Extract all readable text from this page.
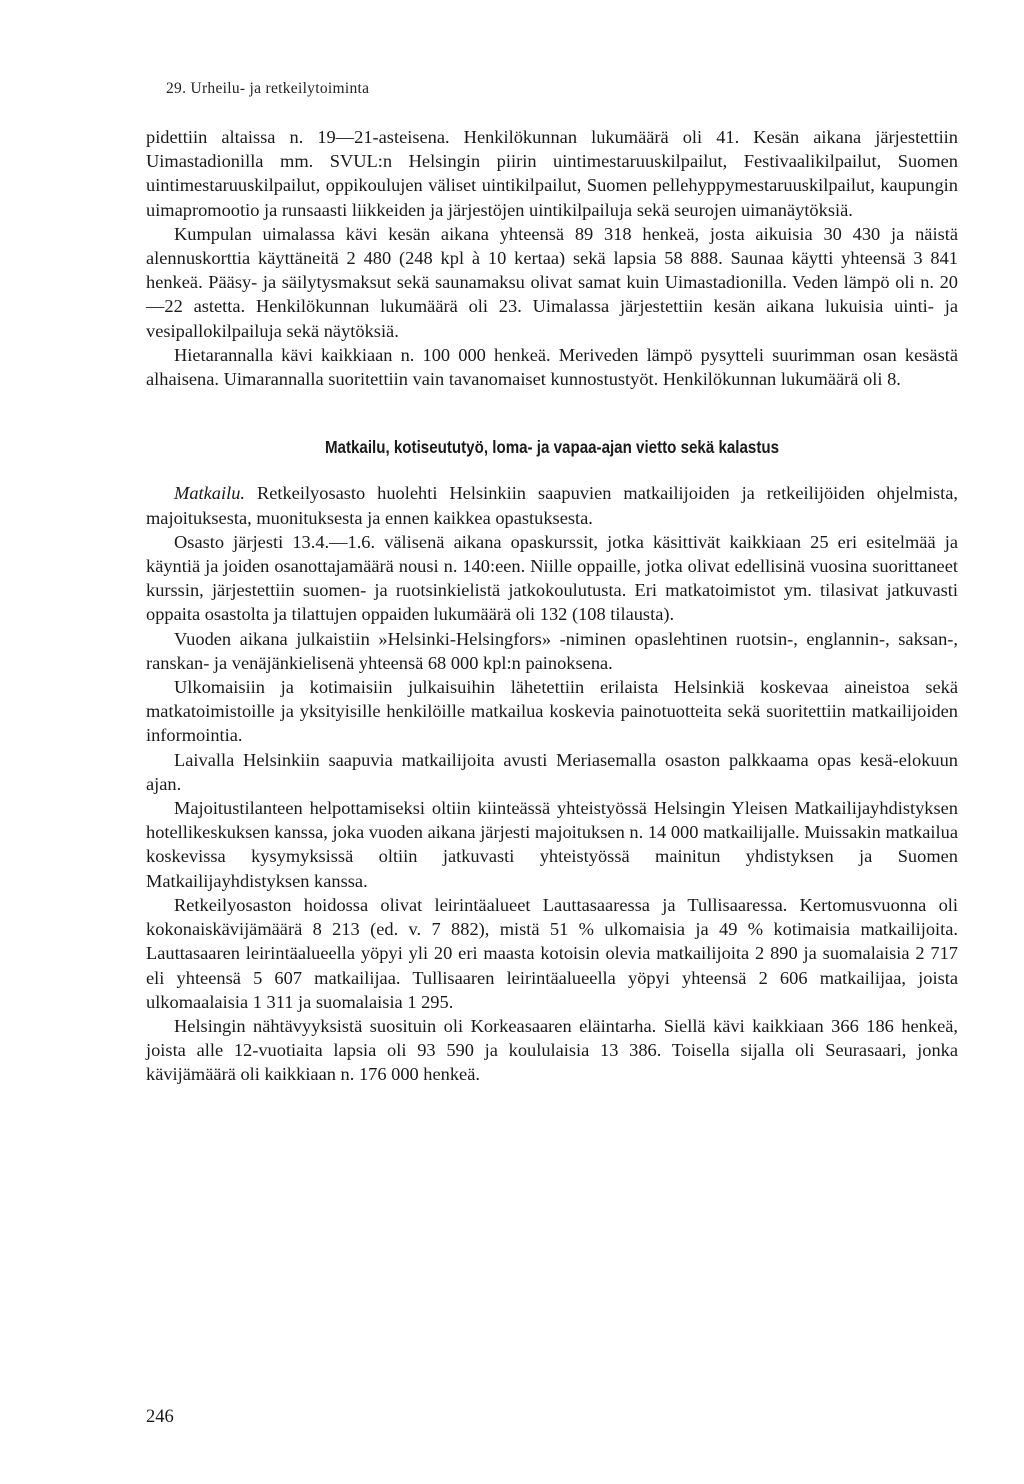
29. Urheilu- ja retkeilytoiminta

pidettiin altaissa n. 19—21-asteisena. Henkilökunnan lukumäärä oli 41. Kesän aikana järjestettiin Uimastadionilla mm. SVUL:n Helsingin piirin uintimestaruuskilpailut, Festivaalikilpailut, Suomen uintimestaruuskilpailut, oppikoulujen väliset uintikilpailut, Suomen pellehyppymestaruuskilpailut, kaupungin uimapromootio ja runsaasti liikkeiden ja järjestöjen uintikilpailuja sekä seurojen uimanäytöksiä.

Kumpulan uimalassa kävi kesän aikana yhteensä 89 318 henkeä, josta aikuisia 30 430 ja näistä alennuskorttia käyttäneitä 2 480 (248 kpl à 10 kertaa) sekä lapsia 58 888. Saunaa käytti yhteensä 3 841 henkeä. Pääsy- ja säilytysmaksut sekä saunamaksu olivat samat kuin Uimastadionilla. Veden lämpö oli n. 20—22 astetta. Henkilökunnan lukumäärä oli 23. Uimalassa järjestettiin kesän aikana lukuisia uinti- ja vesipallokilpailuja sekä näytöksiä.

Hietarannalla kävi kaikkiaan n. 100 000 henkeä. Meriveden lämpö pysytteli suurimman osan kesästä alhaisena. Uimarannalla suoritettiin vain tavanomaiset kunnostustyöt. Henkilökunnan lukumäärä oli 8.

Matkailu, kotiseututyö, loma- ja vapaa-ajan vietto sekä kalastus

Matkailu. Retkeilyosasto huolehti Helsinkiin saapuvien matkailijoiden ja retkeilijöiden ohjelmista, majoituksesta, muonituksesta ja ennen kaikkea opastuksesta.

Osasto järjesti 13.4.—1.6. välisenä aikana opaskurssit, jotka käsittivät kaikkiaan 25 eri esitelmää ja käyntiä ja joiden osanottajamäärä nousi n. 140:een. Niille oppaille, jotka olivat edellisinä vuosina suorittaneet kurssin, järjestettiin suomen- ja ruotsinkielistä jatkokoulutusta. Eri matkatoimistot ym. tilasivat jatkuvasti oppaita osastolta ja tilattujen oppaiden lukumäärä oli 132 (108 tilausta).

Vuoden aikana julkaistiin »Helsinki-Helsingfors» -niminen opaslehtinen ruotsin-, englannin-, saksan-, ranskan- ja venäjänkielisenä yhteensä 68 000 kpl:n painoksena.

Ulkomaisiin ja kotimaisiin julkaisuihin lähetettiin erilaista Helsinkiä koskevaa aineistoa sekä matkatoimistoille ja yksityisille henkilöille matkailua koskevia painotuotteita sekä suoritettiin matkailijoiden informointia.

Laivalla Helsinkiin saapuvia matkailijoita avusti Meriasemalla osaston palkkaama opas kesä-elokuun ajan.

Majoitustilanteen helpottamiseksi oltiin kiinteässä yhteistyössä Helsingin Yleisen Matkailijayhdistyksen hotellikeskuksen kanssa, joka vuoden aikana järjesti majoituksen n. 14 000 matkailijalle. Muissakin matkailua koskevissa kysymyksissä oltiin jatkuvasti yhteistyössä mainitun yhdistyksen ja Suomen Matkailijayhdistyksen kanssa.

Retkeilyosaston hoidossa olivat leirintäalueet Lauttasaaressa ja Tullisaaressa. Kertomusvuonna oli kokonaiskävijämäärä 8 213 (ed. v. 7 882), mistä 51 % ulkomaisia ja 49 % kotimaisia matkailijoita. Lauttasaaren leirintäalueella yöpyi yli 20 eri maasta kotoisin olevia matkailijoita 2 890 ja suomalaisia 2 717 eli yhteensä 5 607 matkailijaa. Tullisaaren leirintäalueella yöpyi yhteensä 2 606 matkailijaa, joista ulkomaalaisia 1 311 ja suomalaisia 1 295.

Helsingin nähtävyyksistä suosituin oli Korkeasaaren eläintarha. Siellä kävi kaikkiaan 366 186 henkeä, joista alle 12-vuotiaita lapsia oli 93 590 ja koululaisia 13 386. Toisella sijalla oli Seurasaari, jonka kävijämäärä oli kaikkiaan n. 176 000 henkeä.

246
